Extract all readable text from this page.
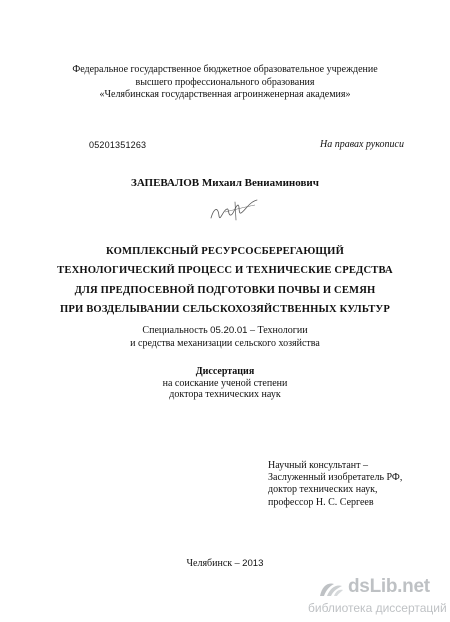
Федеральное государственное бюджетное образовательное учреждение
высшего профессионального образования
«Челябинская государственная агроинженерная академия»
05201351263	На правах рукописи
ЗАПЕВАЛОВ Михаил Вениаминович
КОМПЛЕКСНЫЙ РЕСУРСОСБЕРЕГАЮЩИЙ
ТЕХНОЛОГИЧЕСКИЙ ПРОЦЕСС И ТЕХНИЧЕСКИЕ СРЕДСТВА
ДЛЯ ПРЕДПОСЕВНОЙ ПОДГОТОВКИ ПОЧВЫ И СЕМЯН
ПРИ ВОЗДЕЛЫВАНИИ СЕЛЬСКОХОЗЯЙСТВЕННЫХ КУЛЬТУР
Специальность 05.20.01 – Технологии
и средства механизации сельского хозяйства
Диссертация
на соискание ученой степени
доктора технических наук
Научный консультант –
Заслуженный изобретатель РФ,
доктор технических наук,
профессор Н. С. Сергеев
Челябинск – 2013
dsLib.net
библиотека диссертаций
